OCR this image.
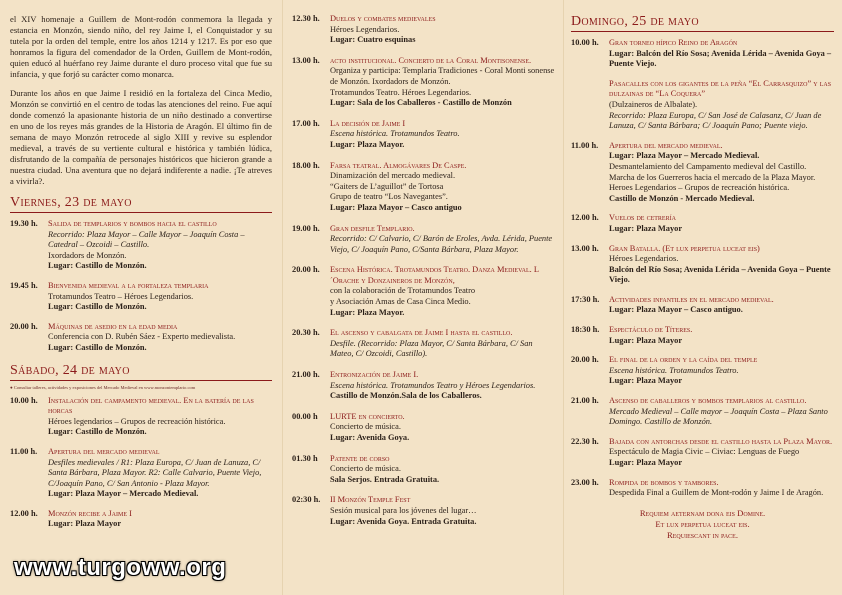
el XIV homenaje a Guillem de Mont-rodón conmemora la llegada y estancia en Monzón, siendo niño, del rey Jaime I, el Conquistador y su tutela por la orden del temple, entre los años 1214 y 1217. Es por eso que honramos la figura del comendador de la Orden, Guillem de Mont-rodón, quien educó al huérfano rey Jaime durante el duro proceso vital que fue su infancia, y que forjó su carácter como monarca.

Durante los años en que Jaime I residió en la fortaleza del Cinca Medio, Monzón se convirtió en el centro de todas las atenciones del reino. Fue aquí donde comenzó la apasionante historia de un niño destinado a convertirse en uno de los reyes más grandes de la Historia de Aragón. El último fin de semana de mayo Monzón retrocede al siglo XIII y revive su esplendor medieval, a través de su vertiente cultural e histórica y también lúdica, disfrutando de la compañía de personajes históricos que hicieron grande a nuestra ciudad. Una aventura que no dejará indiferente a nadie. ¡Te atreves a vivirla?.

Viernes, 23 de mayo
19.30 h.	Salida de templarios y bombos hacia el castillo
Recorrido: Plaza Mayor – Calle Mayor – Joaquín Costa – Catedral – Ozcoidi – Castillo.
Ixordadors de Monzón.
Lugar: Castillo de Monzón.
19.45 h.	Bienvenida medieval a la fortaleza templaria
Trotamundos Teatro – Héroes Legendarios.
Lugar: Castillo de Monzón.
20.00 h.	Máquinas de asedio en la edad media
Conferencia con D. Rubén Sáez - Experto medievalista.
Lugar: Castillo de Monzón.
Sábado, 24 de mayo
● Consultar talleres, actividades y exposiciones del Mercado Medieval en www.monzontemplario.com
10.00 h.	Instalación del campamento medieval. En la batería de las horcas
Héroes legendarios – Grupos de recreación histórica.
Lugar: Castillo de Monzón.
11.00 h.	Apertura del mercado medieval
Desfiles medievales / R1: Plaza Europa, C/ Juan de Lanuza, C/ Santa Bárbara, Plaza Mayor. R2: Calle Calvario, Puente Viejo, C/Joaquín Pano, C/ San Antonio - Plaza Mayor.
Lugar: Plaza Mayor – Mercado Medieval.
12.00 h.	Monzón recibe a Jaime I
Lugar: Plaza Mayor
12.30 h.	Duelos y combates medievales
Héroes Legendarios.
Lugar: Cuatro esquinas
13.00 h.	acto institucional. Concierto de la Coral Montisonense.
Organiza y participa: Templaria Tradiciones - Coral Monti sonense de Monzón. Ixordadors de Monzón.
Trotamundos Teatro. Héroes Legendarios.
Lugar: Sala de los Caballeros - Castillo de Monzón
17.00 h.	La decisión de Jaime I
Escena histórica. Trotamundos Teatro.
Lugar: Plaza Mayor.
18.00 h.	Farsa teatral. Almogávares De Caspe.
Dinamización del mercado medieval.
“Gaiters de L’aguillot” de Tortosa
Grupo de teatro “Los Navegantes”.
Lugar: Plaza Mayor – Casco antiguo
19.00 h.	Gran desfile Templario.
Recorrido: C/ Calvario, C/ Barón de Eroles, Avda. Lérida, Puente Viejo, C/ Joaquín Pano, C/Santa Bárbara, Plaza Mayor.
20.00 h.	Escena Histórica. Trotamundos Teatro. Danza Medieval. L´Orache y Donzaineros de Monzón,
con la colaboración de Trotamundos Teatro
y Asociación Amas de Casa Cinca Medio.
Lugar: Plaza Mayor.
20.30 h.	El ascenso y cabalgata de Jaime I hasta el castillo.
Desfile. (Recorrido: Plaza Mayor, C/ Santa Bárbara, C/ San Mateo, C/ Ozcoidi, Castillo).
21.00 h.	Entronización de Jaime I.
Escena histórica. Trotamundos Teatro y Héroes Legendarios.
Castillo de Monzón.Sala de los Caballeros.
00.00 h	LURTE en concierto.
Concierto de música.
Lugar: Avenida Goya.
01.30 h	Patente de corso
Concierto de música.
Sala Serjos. Entrada Gratuita.
02:30 h.	II Monzón Temple Fest
Sesión musical para los jóvenes del lugar…
Lugar: Avenida Goya. Entrada Gratuita.
Domingo, 25 de mayo
10.00 h.	Gran torneo hípico Reino de Aragón
Lugar: Balcón del Río Sosa; Avenida Lérida – Avenida Goya – Puente Viejo.
Pasacalles con los gigantes de la peña “El Carrasquizo” y las dulzainas de “La Coquera”
(Dulzaineros de Albalate).
Recorrido: Plaza Europa, C/ San José de Calasanz, C/ Juan de Lanuza, C/ Santa Bárbara; C/ Joaquín Pano; Puente viejo.
11.00 h.	Apertura del mercado medieval.
Lugar: Plaza Mayor – Mercado Medieval.
Desmantelamiento del Campamento medieval del Castillo.
Marcha de los Guerreros hacia el mercado de la Plaza Mayor.
Heroes Legendarios – Grupos de recreación histórica.
Castillo de Monzón - Mercado Medieval.
12.00 h.	Vuelos de cetrería
Lugar: Plaza Mayor
13.00 h.	Gran Batalla. (Et lux perpetua luceat eis)
Héroes Legendarios.
Balcón del Río Sosa; Avenida Lérida – Avenida Goya – Puente Viejo.
17:30 h.	Actividades infantiles en el mercado medieval.
Lugar: Plaza Mayor – Casco antiguo.
18:30 h.	Espectáculo de Títeres.
Lugar: Plaza Mayor
20.00 h.	El final de la orden y la caída del temple
Escena histórica. Trotamundos Teatro.
Lugar: Plaza Mayor
21.00 h.	Ascenso de caballeros y bombos templarios al castillo.
Mercado Medieval – Calle mayor – Joaquín Costa – Plaza Santo Domingo. Castillo de Monzón.
22.30 h.	Bajada con antorchas desde el castillo hasta la Plaza Mayor.
Espectáculo de Magia Civic – Civiac: Lenguas de Fuego
Lugar: Plaza Mayor
23.00 h.	Rompida de bombos y tambores.
Despedida Final a Guillem de Mont-rodón y Jaime I de Aragón.
Requiem aeternam dona eis Domine.
Et lux perpetua luceat eis.
Requiescant in pace.
www.turgoww.org
